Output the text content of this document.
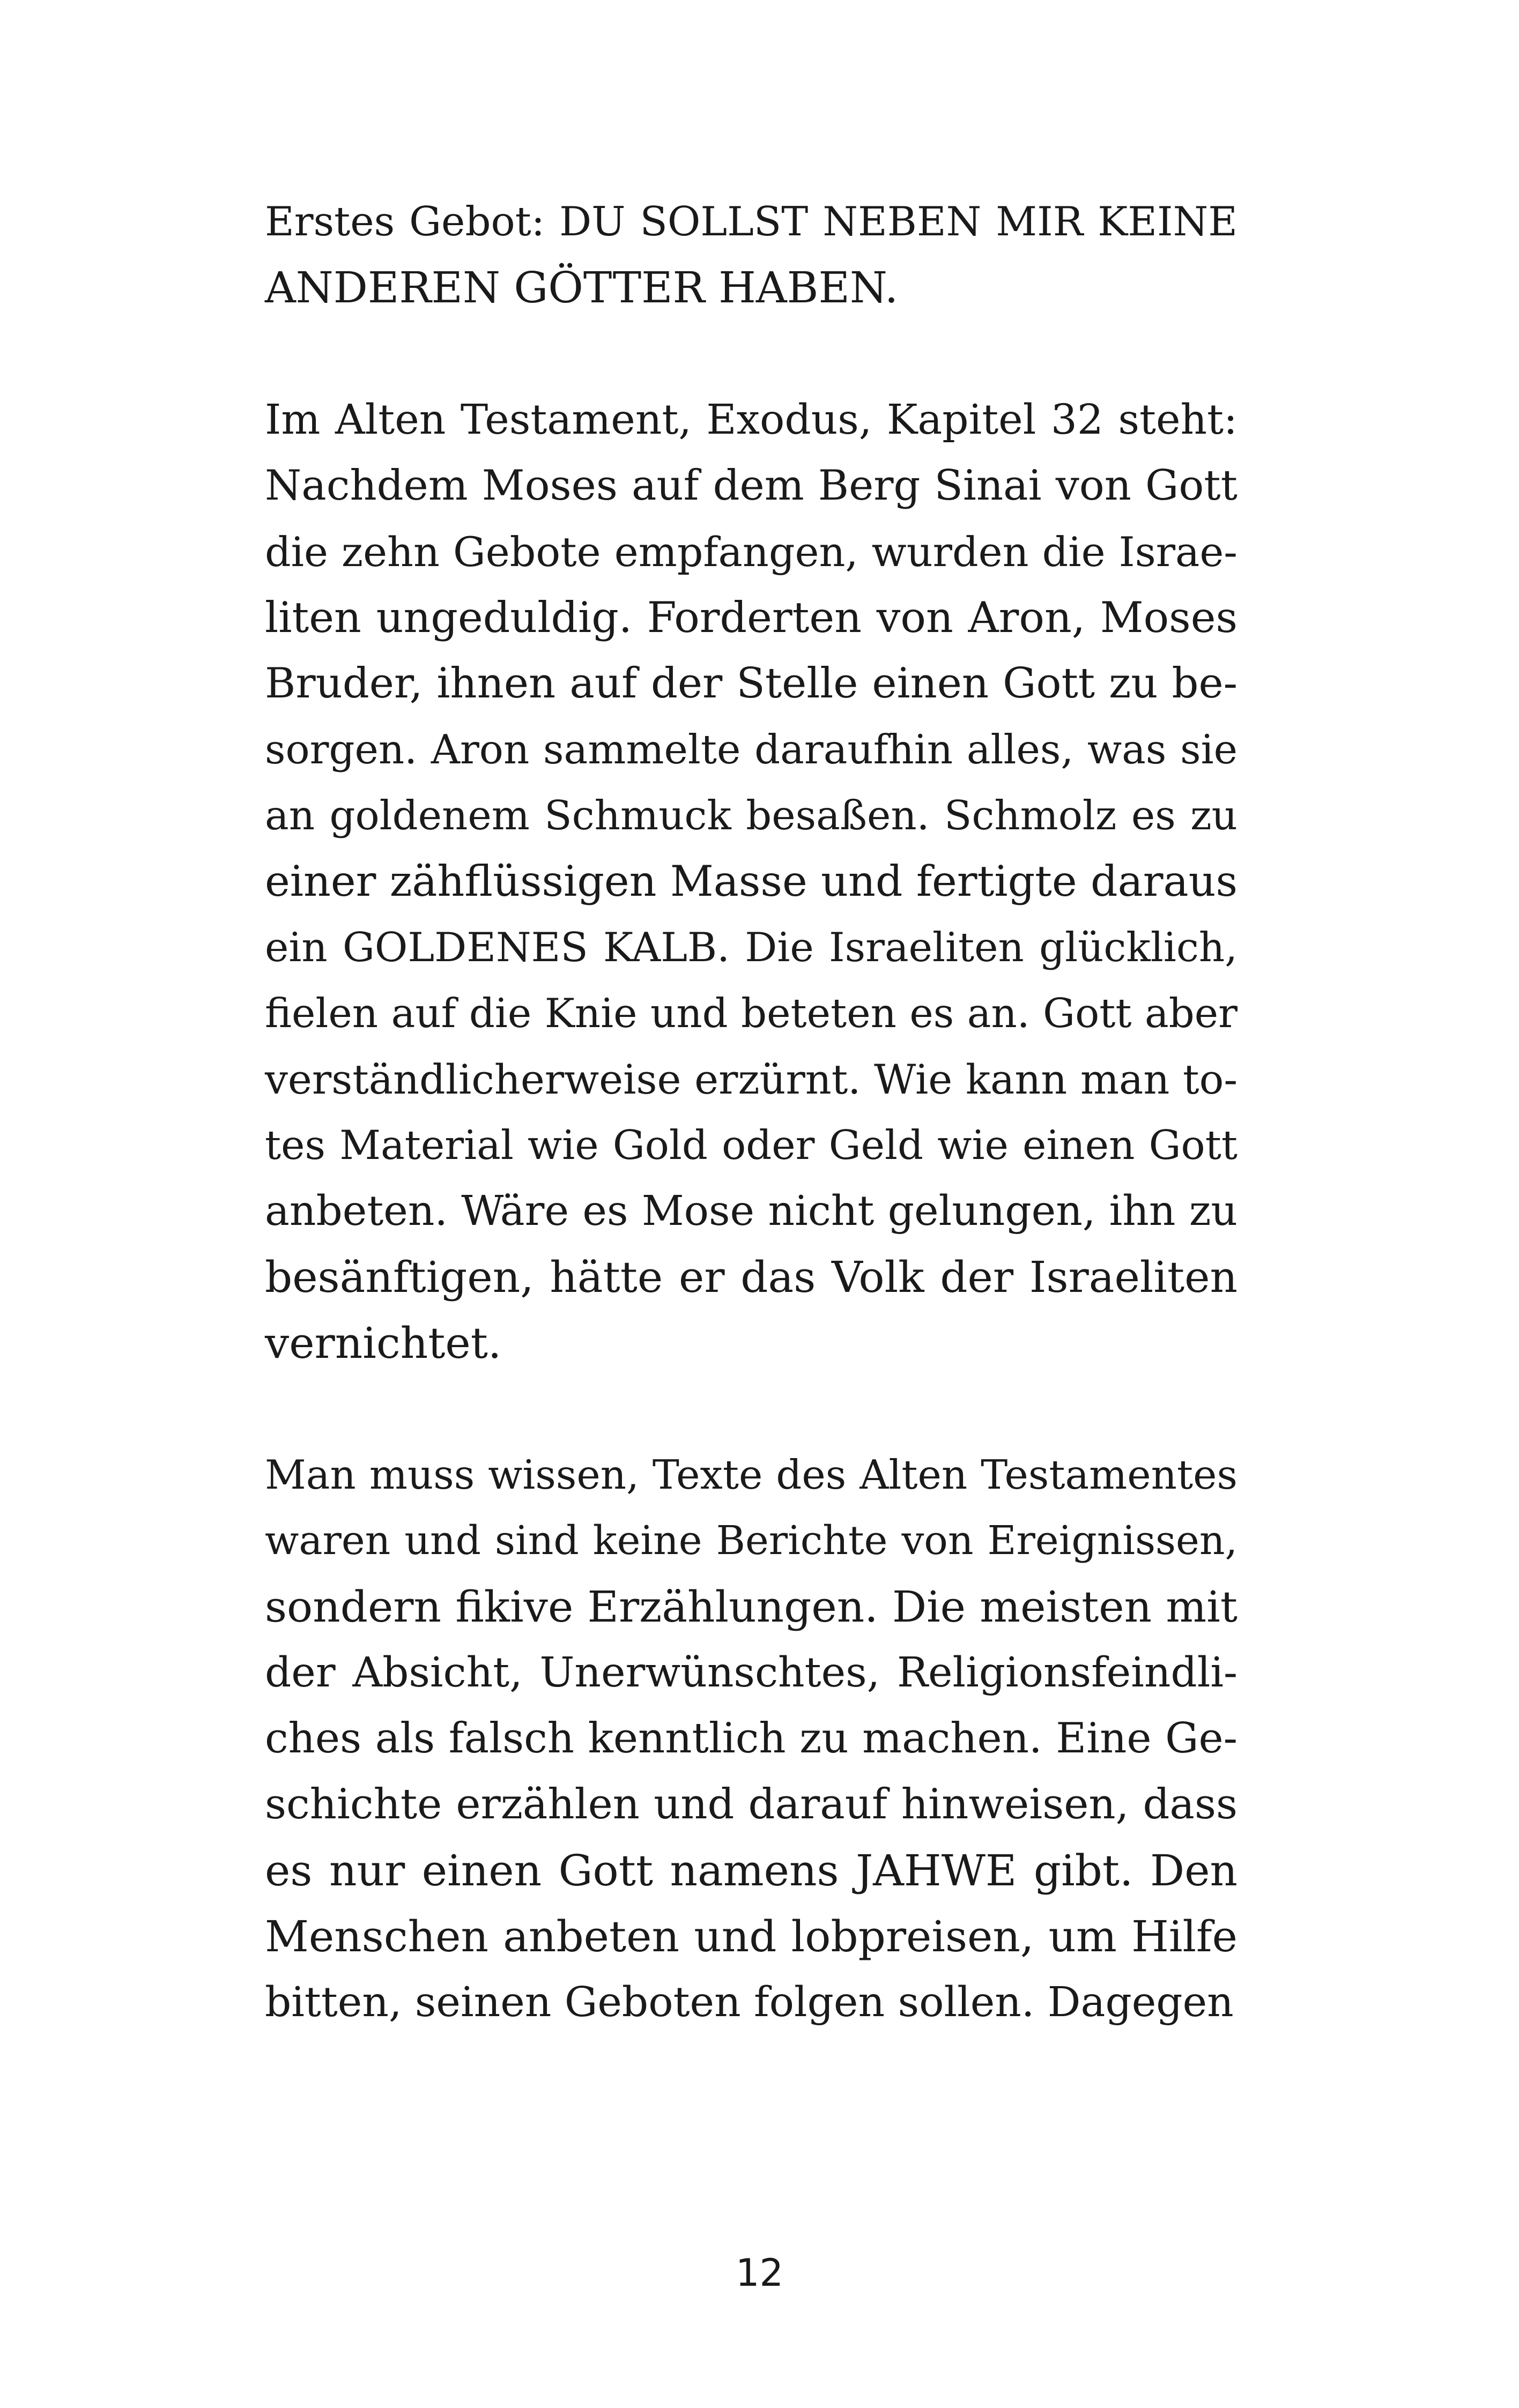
Erstes Gebot: DU SOLLST NEBEN MIR KEINE
ANDEREN GÖTTER HABEN.
Im Alten Testament, Exodus, Kapitel 32 steht:
Nachdem Moses auf dem Berg Sinai von Gott
die zehn Gebote empfangen, wurden die Israe-
liten ungeduldig. Forderten von Aron, Moses
Bruder, ihnen auf der Stelle einen Gott zu be-
sorgen. Aron sammelte daraufhin alles, was sie
an goldenem Schmuck besaßen. Schmolz es zu
einer zähflüssigen Masse und fertigte daraus
ein GOLDENES KALB. Die Israeliten glücklich,
fielen auf die Knie und beteten es an. Gott aber
verständlicherweise erzürnt. Wie kann man to-
tes Material wie Gold oder Geld wie einen Gott
anbeten. Wäre es Mose nicht gelungen, ihn zu
besänftigen, hätte er das Volk der Israeliten
vernichtet.
Man muss wissen, Texte des Alten Testamentes
waren und sind keine Berichte von Ereignissen,
sondern fikive Erzählungen. Die meisten mit
der Absicht, Unerwünschtes, Religionsfeindli-
ches als falsch kenntlich zu machen. Eine Ge-
schichte erzählen und darauf hinweisen, dass
es nur einen Gott namens JAHWE gibt. Den
Menschen anbeten und lobpreisen, um Hilfe
bitten, seinen Geboten folgen sollen. Dagegen
12
